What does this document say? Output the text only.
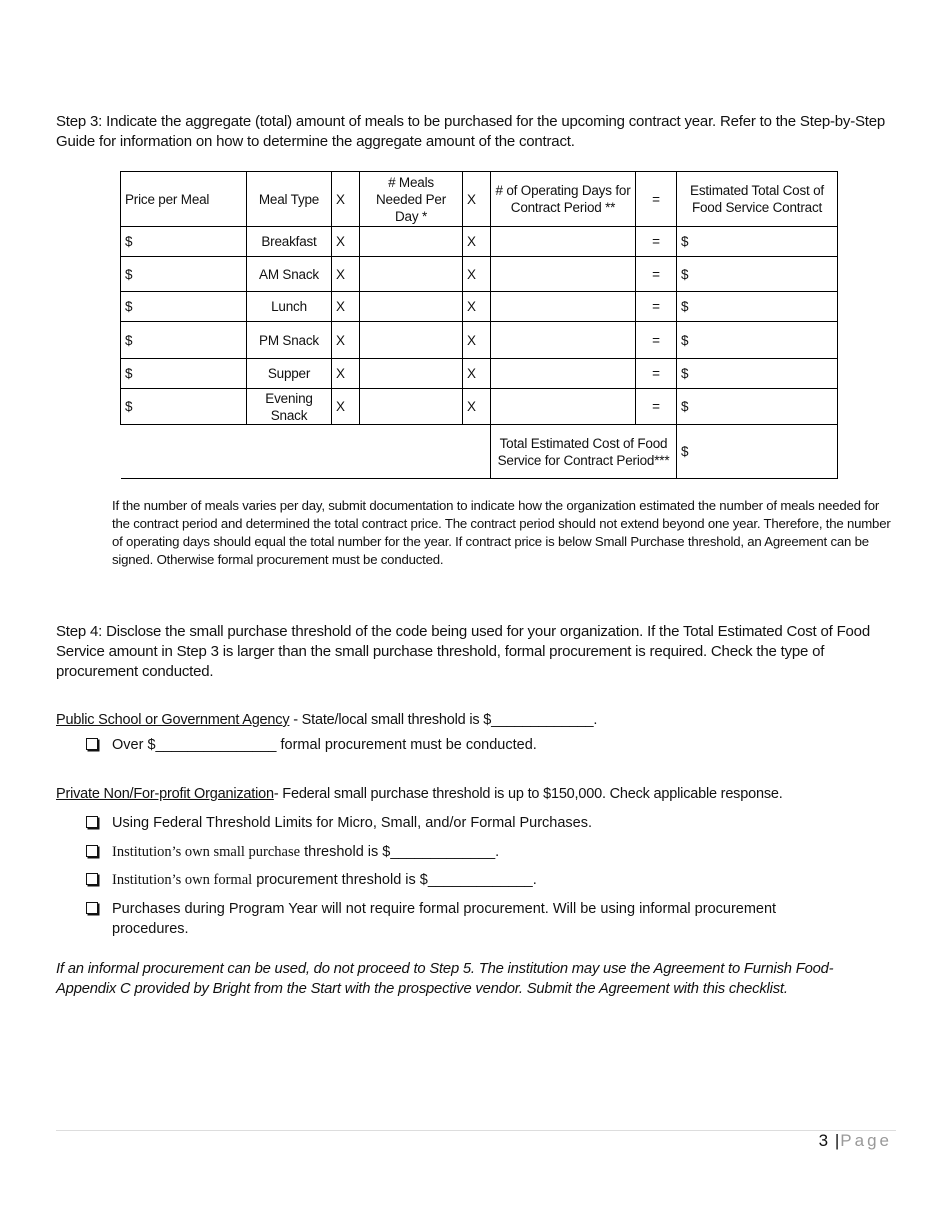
Step 3: Indicate the aggregate (total) amount of meals to be purchased for the upcoming contract year. Refer to the Step-by-Step Guide for information on how to determine the aggregate amount of the contract.
Price per Meal	Meal Type	X	# Meals Needed Per Day *	X	# of Operating Days for Contract Period **	=	Estimated Total Cost of Food Service Contract
$	Breakfast	X		X		=	$
$	AM Snack	X		X		=	$
$	Lunch	X		X		=	$
$	PM Snack	X		X		=	$
$	Supper	X		X		=	$
$	Evening Snack	X		X		=	$
					Total Estimated Cost of Food Service for Contract Period***		$
If the number of meals varies per day, submit documentation to indicate how the organization estimated the number of meals needed for the contract period and determined the total contract price. The contract period should not extend beyond one year. Therefore, the number of operating days should equal the total number for the year. If contract price is below Small Purchase threshold, an Agreement can be signed. Otherwise formal procurement must be conducted.
Step 4: Disclose the small purchase threshold of the code being used for your organization. If the Total Estimated Cost of Food Service amount in Step 3 is larger than the small purchase threshold, formal procurement is required. Check the type of procurement conducted.
Public School or Government Agency - State/local small threshold is $_____________.
Over $_______________ formal procurement must be conducted.
Private Non/For-profit Organization- Federal small purchase threshold is up to $150,000. Check applicable response.
Using Federal Threshold Limits for Micro, Small, and/or Formal Purchases.
Institution’s own small purchase threshold is $_____________.
Institution’s own formal procurement threshold is $_____________.
Purchases during Program Year will not require formal procurement. Will be using informal procurement procedures.
If an informal procurement can be used, do not proceed to Step 5. The institution may use the Agreement to Furnish Food-Appendix C provided by Bright from the Start with the prospective vendor. Submit the Agreement with this checklist.
3 |Page
